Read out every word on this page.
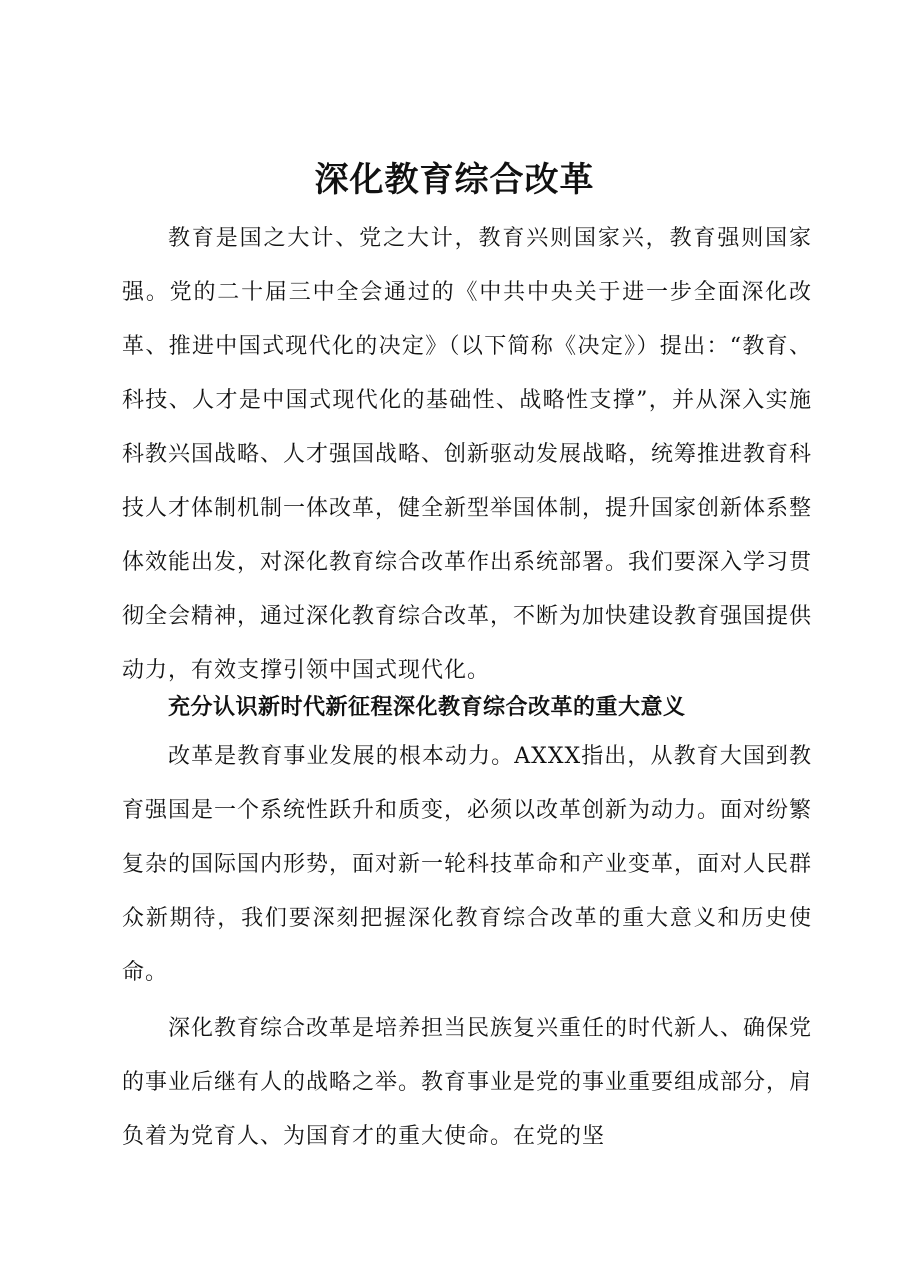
深化教育综合改革

教育是国之大计、党之大计，教育兴则国家兴，教育强则国家强。党的二十届三中全会通过的《中共中央关于进一步全面深化改革、推进中国式现代化的决定》（以下简称《决定》）提出：“教育、科技、人才是中国式现代化的基础性、战略性支撑”，并从深入实施科教兴国战略、人才强国战略、创新驱动发展战略，统筹推进教育科技人才体制机制一体改革，健全新型举国体制，提升国家创新体系整体效能出发，对深化教育综合改革作出系统部署。我们要深入学习贯彻全会精神，通过深化教育综合改革，不断为加快建设教育强国提供动力，有效支撑引领中国式现代化。

充分认识新时代新征程深化教育综合改革的重大意义

改革是教育事业发展的根本动力。AXXX指出，从教育大国到教育强国是一个系统性跃升和质变，必须以改革创新为动力。面对纷繁复杂的国际国内形势，面对新一轮科技革命和产业变革，面对人民群众新期待，我们要深刻把握深化教育综合改革的重大意义和历史使命。

深化教育综合改革是培养担当民族复兴重任的时代新人、确保党的事业后继有人的战略之举。教育事业是党的事业重要组成部分，肩负着为党育人、为国育才的重大使命。在党的坚
